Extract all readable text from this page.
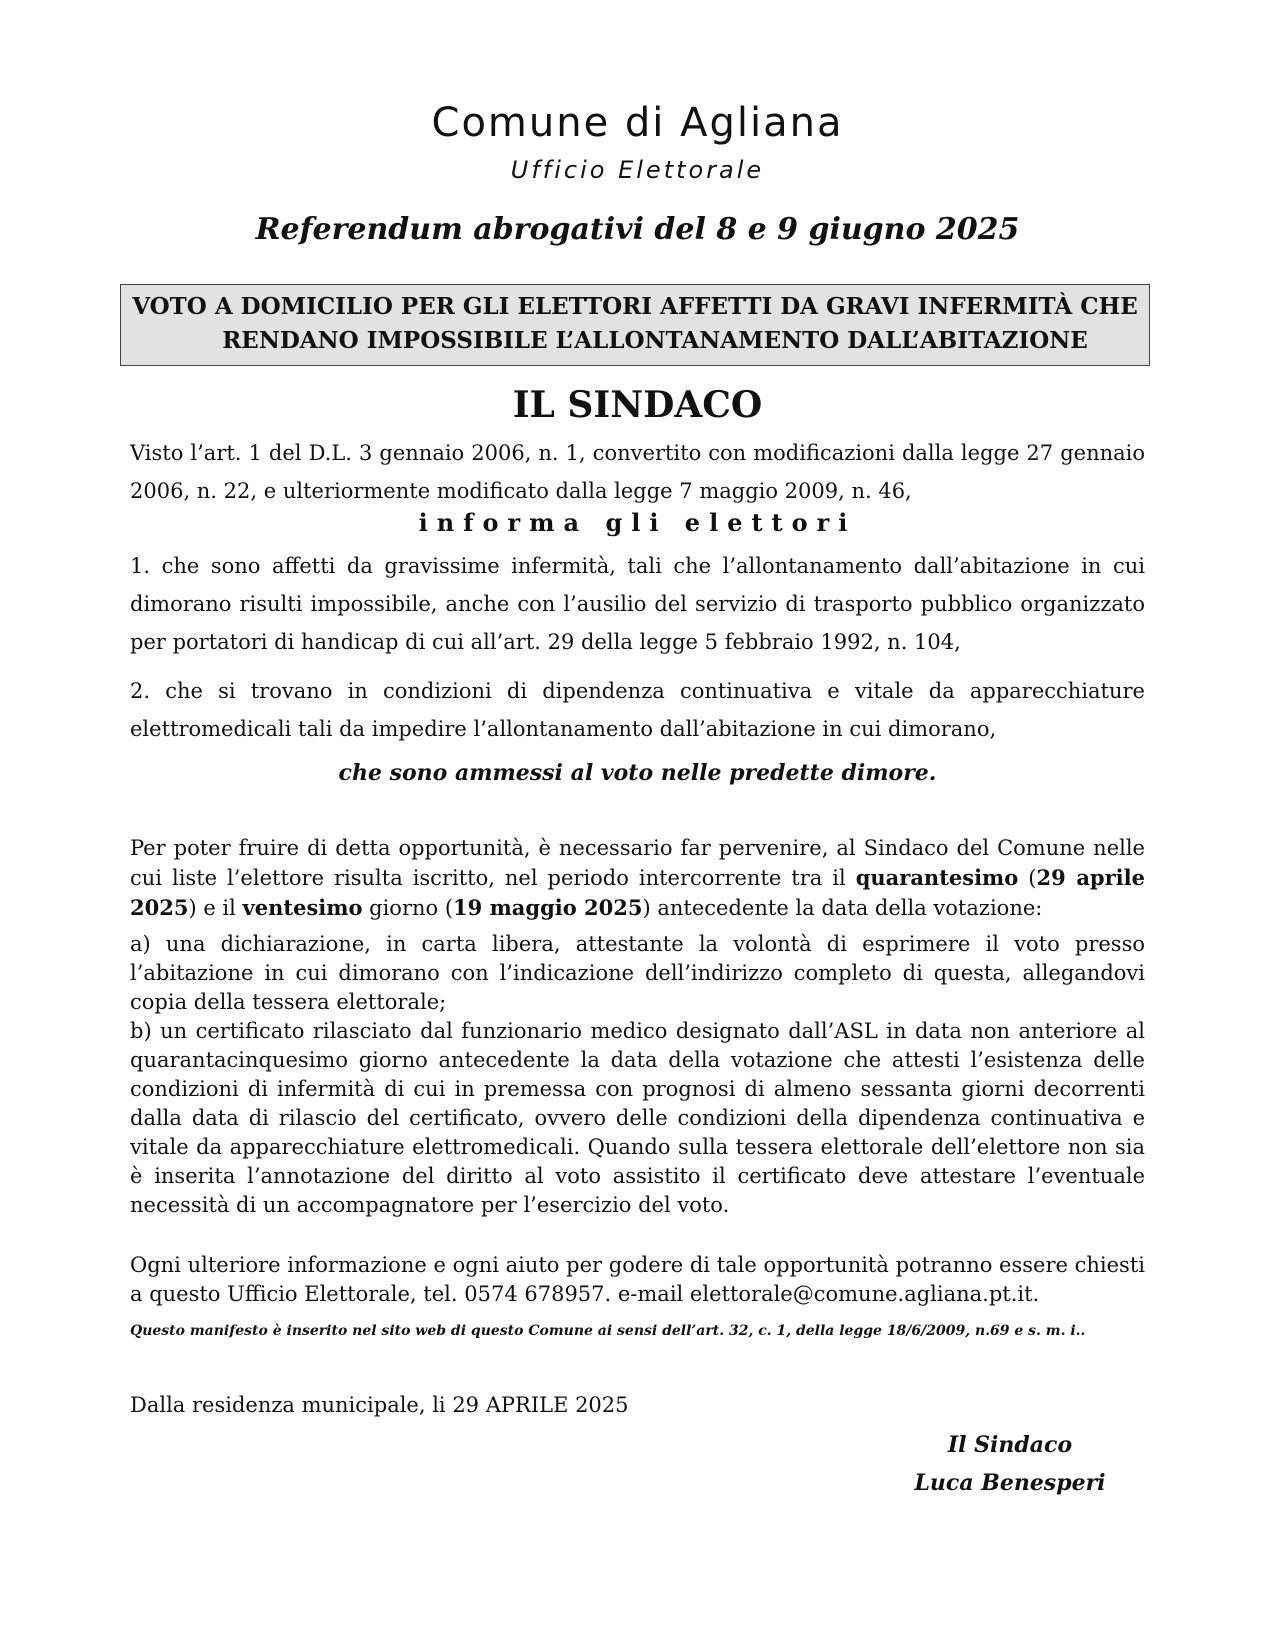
Comune di Agliana
Ufficio Elettorale
Referendum abrogativi del 8 e 9 giugno 2025
VOTO A DOMICILIO PER GLI ELETTORI AFFETTI DA GRAVI INFERMITÀ CHE
RENDANO IMPOSSIBILE L’ALLONTANAMENTO DALL’ABITAZIONE
IL SINDACO
Visto l’art. 1 del D.L. 3 gennaio 2006, n. 1, convertito con modificazioni dalla legge 27 gennaio 2006, n. 22, e ulteriormente modificato dalla legge 7 maggio 2009, n. 46,
informa gli elettori
1. che sono affetti da gravissime infermità, tali che l’allontanamento dall’abitazione in cui dimorano risulti impossibile, anche con l’ausilio del servizio di trasporto pubblico organizzato per portatori di handicap di cui all’art. 29 della legge 5 febbraio 1992, n. 104,
2. che si trovano in condizioni di dipendenza continuativa e vitale da apparecchiature elettromedicali tali da impedire l’allontanamento dall’abitazione in cui dimorano,
che sono ammessi al voto nelle predette dimore.
Per poter fruire di detta opportunità, è necessario far pervenire, al Sindaco del Comune nelle cui liste l’elettore risulta iscritto, nel periodo intercorrente tra il quarantesimo (29 aprile 2025) e il ventesimo giorno (19 maggio 2025) antecedente la data della votazione:
a) una dichiarazione, in carta libera, attestante la volontà di esprimere il voto presso l’abitazione in cui dimorano con l’indicazione dell’indirizzo completo di questa, allegandovi copia della tessera elettorale;
b) un certificato rilasciato dal funzionario medico designato dall’ASL in data non anteriore al quarantacinquesimo giorno antecedente la data della votazione che attesti l’esistenza delle condizioni di infermità di cui in premessa con prognosi di almeno sessanta giorni decorrenti dalla data di rilascio del certificato, ovvero delle condizioni della dipendenza continuativa e vitale da apparecchiature elettromedicali. Quando sulla tessera elettorale dell’elettore non sia è inserita l’annotazione del diritto al voto assistito il certificato deve attestare l’eventuale necessità di un accompagnatore per l’esercizio del voto.
Ogni ulteriore informazione e ogni aiuto per godere di tale opportunità potranno essere chiesti a questo Ufficio Elettorale, tel. 0574 678957. e-mail elettorale@comune.agliana.pt.it.
Questo manifesto è inserito nel sito web di questo Comune ai sensi dell’art. 32, c. 1, della legge 18/6/2009, n.69 e s. m. i..
Dalla residenza municipale, li 29 APRILE 2025
Il Sindaco
Luca Benesperi
